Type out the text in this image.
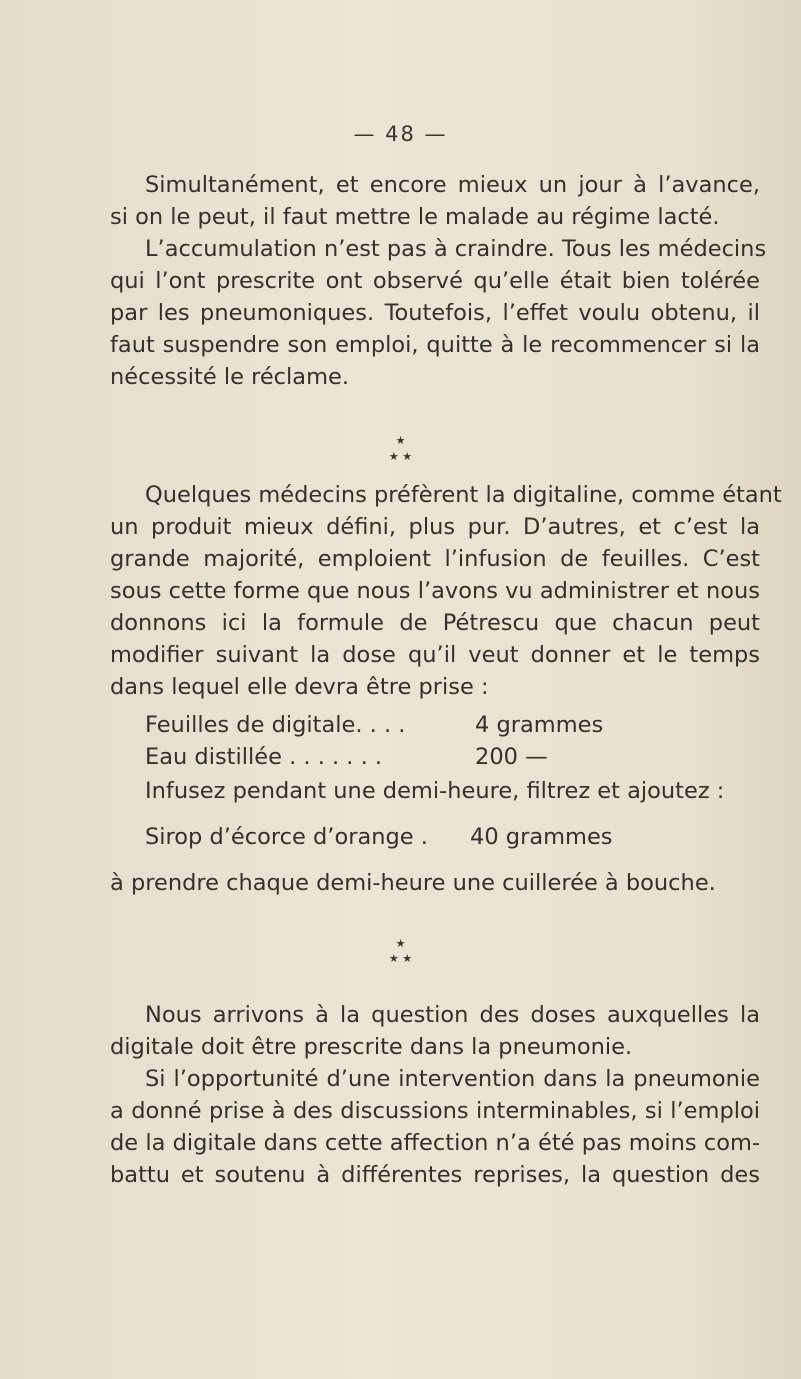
— 48 —
Simultanément, et encore mieux un jour à l’avance,
si on le peut, il faut mettre le malade au régime lacté.
L’accumulation n’est pas à craindre. Tous les médecins
qui l’ont prescrite ont observé qu’elle était bien tolérée
par les pneumoniques. Toutefois, l’effet voulu obtenu, il
faut suspendre son emploi, quitte à le recommencer si la
nécessité le réclame.
★
★ ★
Quelques médecins préfèrent la digitaline, comme étant
un produit mieux défini, plus pur. D’autres, et c’est la
grande majorité, emploient l’infusion de feuilles. C’est
sous cette forme que nous l’avons vu administrer et nous
donnons ici la formule de Pétrescu que chacun peut
modifier suivant la dose qu’il veut donner et le temps
dans lequel elle devra être prise :
Feuilles de digitale. . . .	4 grammes
Eau distillée . . . . . . .	200 —
Infusez pendant une demi-heure, filtrez et ajoutez :
Sirop d’écorce d’orange . 40 grammes
à prendre chaque demi-heure une cuillerée à bouche.
★
★ ★
Nous arrivons à la question des doses auxquelles la
digitale doit être prescrite dans la pneumonie.
Si l’opportunité d’une intervention dans la pneumonie
a donné prise à des discussions interminables, si l’emploi
de la digitale dans cette affection n’a été pas moins com-
battu et soutenu à différentes reprises, la question des
